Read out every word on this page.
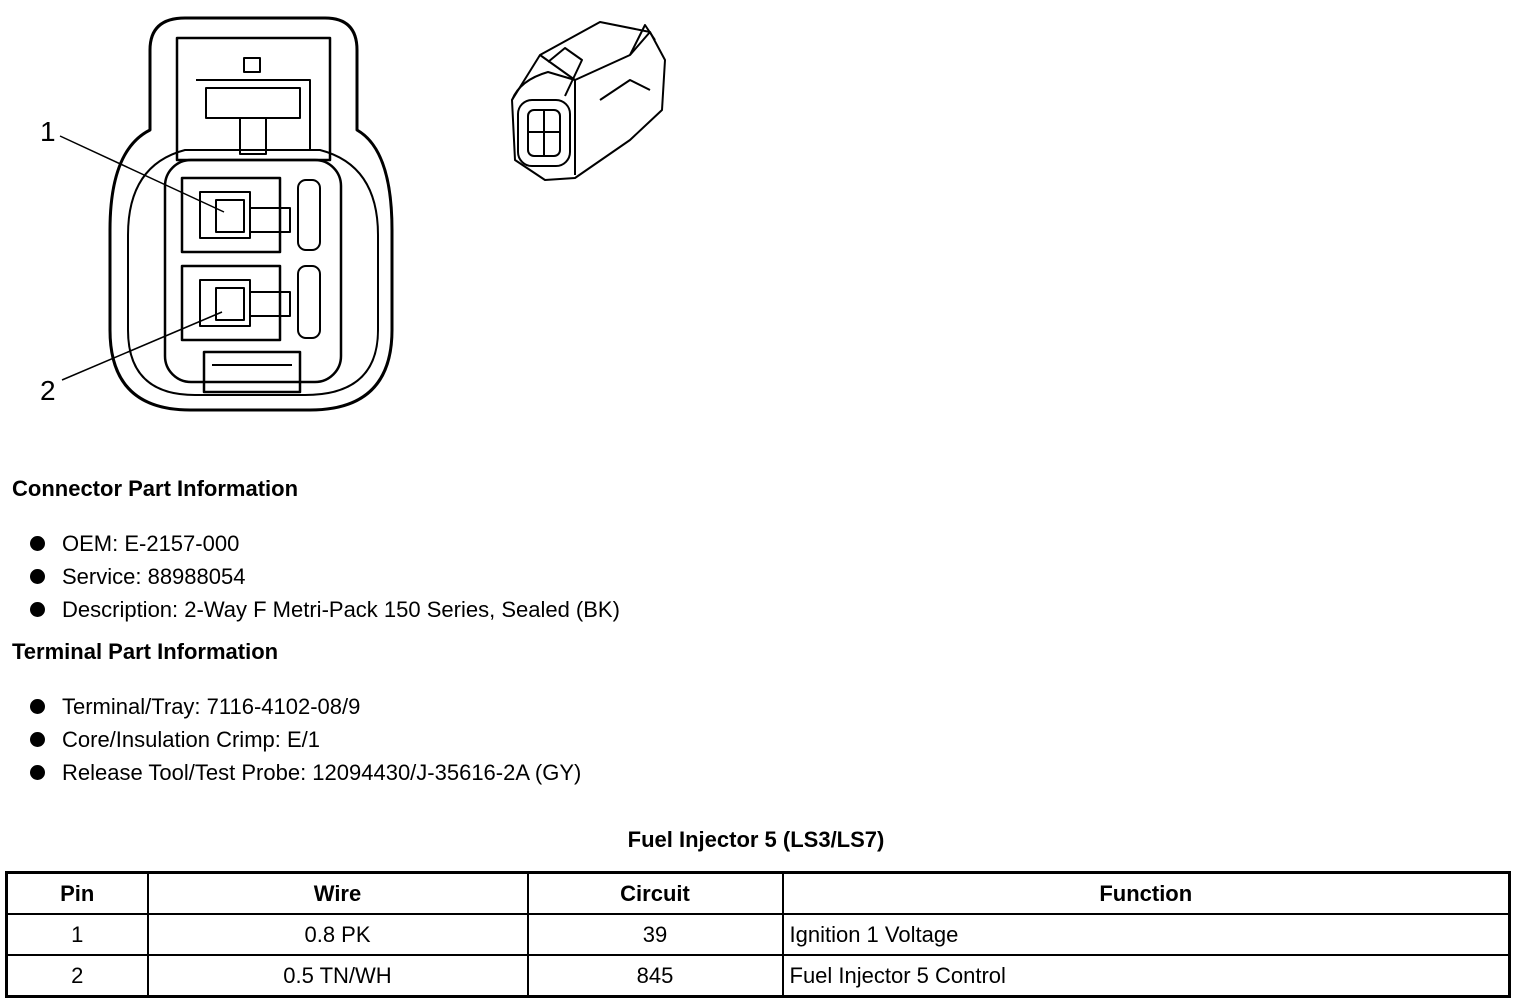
1
2
Connector Part Information
OEM: E-2157-000
Service: 88988054
Description: 2-Way F Metri-Pack 150 Series, Sealed (BK)
Terminal Part Information
Terminal/Tray: 7116-4102-08/9
Core/Insulation Crimp: E/1
Release Tool/Test Probe: 12094430/J-35616-2A (GY)
Fuel Injector 5 (LS3/LS7)
Pin	Wire	Circuit	Function
1	0.8 PK	39	Ignition 1 Voltage
2	0.5 TN/WH	845	Fuel Injector 5 Control
